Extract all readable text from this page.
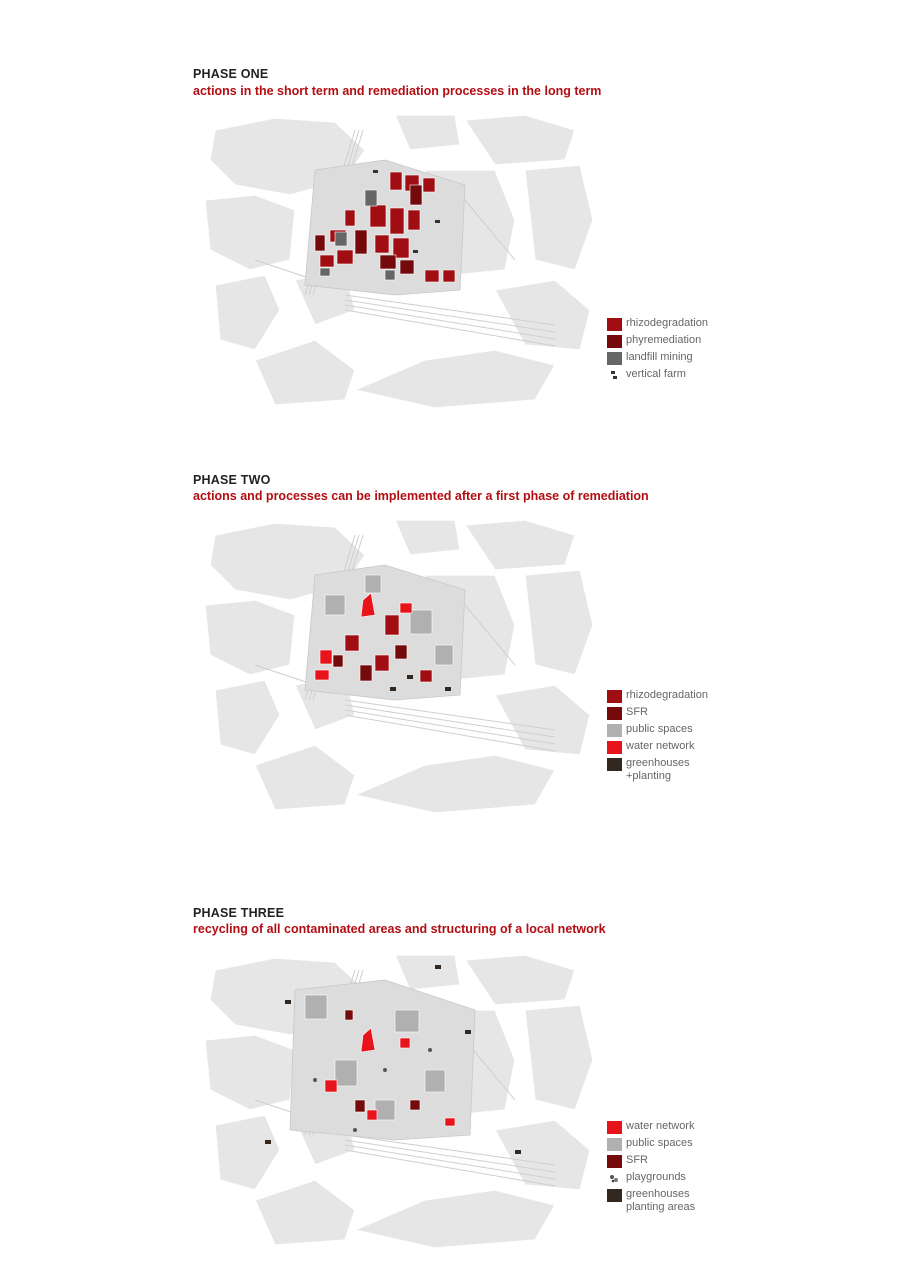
PHASE ONE

actions in the short term and remediation processes in the long term

rhizodegradation
phyremediation
landfill mining
vertical farm
PHASE TWO

actions and processes can be implemented after a first phase of remediation

rhizodegradation
SFR
public spaces
water network
greenhouses
+planting
PHASE THREE

recycling of all contaminated areas and structuring of a local network

water network
public spaces
SFR
playgrounds
greenhouses
planting areas
